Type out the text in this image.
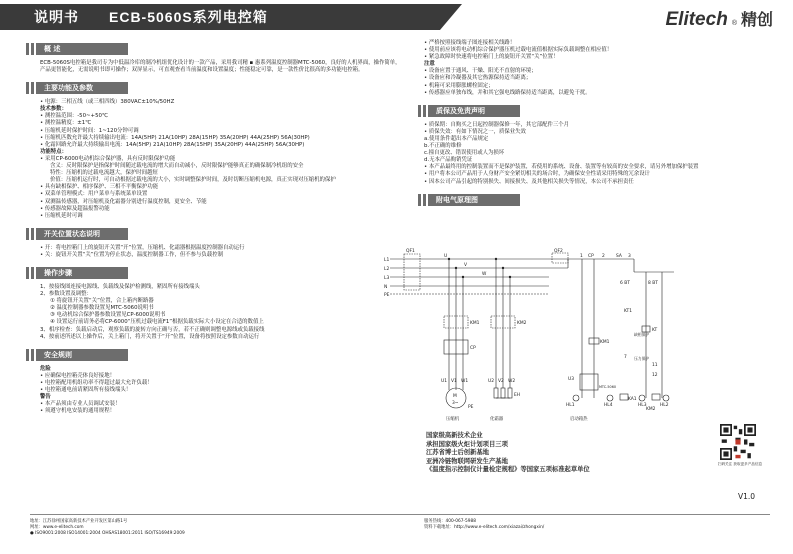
说明书	ECB-5060S系列电控箱	Elitech ® 精创
概 述
ECB-5060S电控箱是我司专为中低温冷库的制冷机组优化设计的一款产品，采用我司精 ▪ 惠系列温度控制器MTC-5060，良好的人机界面，操作简单，产品更智能化，无需说明书即可操作；双屏显示，可直观查看当前温度和设置温度；性能稳定可靠，是一款性价比很高的多功能电控箱。
主要功能及参数
• 电源：三相五线（或三相四线）380VAC±10%/50HZ
技术参数：
• 测控温范围：-50~+50℃
• 测控温精度：±1℃
• 压缩机延时保护时间：1~120分钟可调
• 压缩机匹数允许最大持续输出电流：14A(5HP) 21A(10HP) 28A(15HP) 35A(20HP) 44A(25HP) 56A(30HP)
• 化霜回路允许最大持续输出电流：14A(5HP) 21A(10HP) 28A(15HP) 35A(20HP) 44A(25HP) 56A(30HP)
功能特点：
• 采用CP-6000电动机综合保护器，具有反时限保护功能
含义：反时限保护是指保护时间随过载电流的增大而自动减小，反时限保护能够真正的确保制冷机组的安全
特性：压缩机的过载电流越大，保护时间越短
价值：压缩机运行时，可自动根据过载电流的大小，实时调整保护时间，及时切断压缩机电源，真正实现对压缩机的保护
• 具有缺相保护、相序保护、三相不平衡保护功能
• 双菜单管理模式：用户菜单与系统菜单设置
• 双测温传感器，对压缩机及化霜器分别进行温度控制，更安全、节能
• 传感器故障及超温报警功能
• 压缩机延时可调
开关位置状态说明
• 开：将电控箱门上的旋钮开关置“开”位置，压缩机、化霜器根据温度控制器自动运行
• 关：旋钮开关置“关”位置为停止状态，温度控制器工作，但不参与负载控制
操作步骤
1、按接线图连接电源线、负载线及保护检测线，紧固所有接线端头
2、参数设置及调整：
① 将旋钮开关置“关”位置，合上箱内断路器
② 温度控制器参数设置见MTC-5060说明书
③ 电动机综合保护器参数设置见CP-6000说明书
④ 设置运行前请务必将CP-6000“压机过载电流F1”根据负载实际大小设定在合适的数值上
3、相序检查：负载启动后，观察负载的旋转方向正确与否，若不正确则调整电源线或负载接线
4、按前述所述以上操作后，关上箱门，将开关置于“开”位置，设备将按照设定参数自动运行
安全规则
危险
• 应确保电控箱壳体良好接地！
• 电控箱配用机组功率不得超过最大允许负载！
• 电控箱通电前请紧固所有接线端头！
警告
• 本产品须由专业人员调试安装！
• 须遵守机电安装的通用规程！
• 严格按照接线端子图连接相关线路！
• 使用前应该将电动机综合保护器压机过载电流值根据实际负载调整在相应值！
• 紧急故障时快速将电控箱门上的旋钮开关置“关”位置！
注意
• 设备应置于通风、干燥、阳光不直射的环境；
• 设备应和冷凝器及其它热源保持适当距离；
• 机箱可采用膨胀螺栓固定；
• 传感器应单独布线，并和其它强电线路保持适当距离，以避免干扰。
质保及免责声明
• 质保期：自购买之日起控制器保修一年，其它部配件三个月
• 质保失效：有如下情况之一，质保业失效
a.使用条件超出本产品规定
b.不正确的维修
c.撞自更改、错误使用或人为损坏
d.无本产品购销凭证
• 本产品最终用的控制装置而不是保护装置，若使用的系统、设备、装置等有较高的安全要求，请另外增加保护装置
• 用户将本公司产品用于人身财产安全紧切相关的场合时，为确保安全性请采用特殊的冗余设计
• 因本公司产品引起的特别损失、间接损失、及其他相关损失等情况，本公司不承担责任
附电气原理图
L1
L2
L3
N
PE
QF1
U
V
W
QF2
CP	SA
1	2	3
KM1
CP
KM2
U1 V1 W1	U2 V2 W2
M
3~
PE
压缩机
EH
化霜器
KM1
U3
MTC-5060
启动箱热
HL1	HL4	HL3	HL2
KA1
KM2
6 BT	8 BT
缺相保护
压力保护
KT
KT1
11
12
7
国家级高新技术企业
承担国家级火炬计划项目三项
江苏省博士后创新基地
亚洲冷链物联网研发生产基地
《温度指示控制仪计量检定规程》等国家五项标准起草单位
扫码关注 获取更多产品信息
V1.0
地址：江苏徐州国家高新技术产业开发区第山路1号
网址：www.e-elitech.com
● ISO9001:2008 ISO14001:2004 OHSAS18001:2011 ISO/TS16949:2009
服务热线：400-067-5988
资料下载地址：http://www.e-elitech.com/xiazai/zhongxin/
